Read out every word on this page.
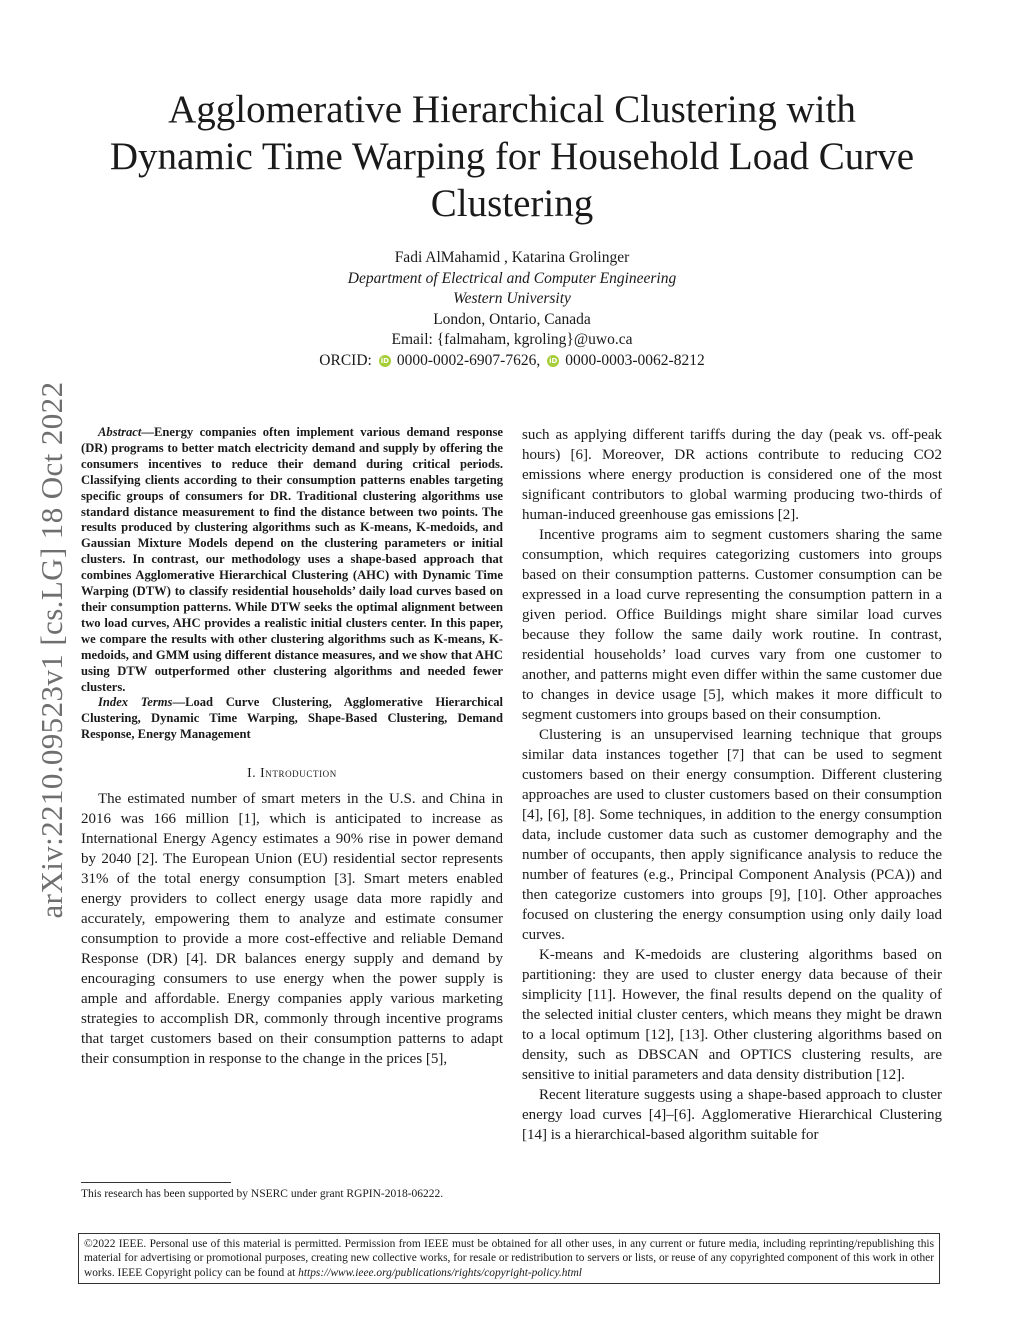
arXiv:2210.09523v1 [cs.LG] 18 Oct 2022
Agglomerative Hierarchical Clustering with
Dynamic Time Warping for Household Load Curve
Clustering
Fadi AlMahamid , Katarina Grolinger
Department of Electrical and Computer Engineering
Western University
London, Ontario, Canada
Email: {falmaham, kgroling}@uwo.ca
ORCID: iD 0000-0002-6907-7626, iD 0000-0003-0062-8212

Abstract—Energy companies often implement various demand response (DR) programs to better match electricity demand and supply by offering the consumers incentives to reduce their demand during critical periods. Classifying clients according to their consumption patterns enables targeting specific groups of consumers for DR. Traditional clustering algorithms use standard distance measurement to find the distance between two points. The results produced by clustering algorithms such as K-means, K-medoids, and Gaussian Mixture Models depend on the clustering parameters or initial clusters. In contrast, our methodology uses a shape-based approach that combines Agglomerative Hierarchical Clustering (AHC) with Dynamic Time Warping (DTW) to classify residential households’ daily load curves based on their consumption patterns. While DTW seeks the optimal alignment between two load curves, AHC provides a realistic initial clusters center. In this paper, we compare the results with other clustering algorithms such as K-means, K-medoids, and GMM using different distance measures, and we show that AHC using DTW outperformed other clustering algorithms and needed fewer clusters.

Index Terms—Load Curve Clustering, Agglomerative Hierarchical Clustering, Dynamic Time Warping, Shape-Based Clustering, Demand Response, Energy Management

I. Introduction

The estimated number of smart meters in the U.S. and China in 2016 was 166 million [1], which is anticipated to increase as International Energy Agency estimates a 90% rise in power demand by 2040 [2]. The European Union (EU) residential sector represents 31% of the total energy consumption [3]. Smart meters enabled energy providers to collect energy usage data more rapidly and accurately, empowering them to analyze and estimate consumer consumption to provide a more cost-effective and reliable Demand Response (DR) [4]. DR balances energy supply and demand by encouraging consumers to use energy when the power supply is ample and affordable. Energy companies apply various marketing strategies to accomplish DR, commonly through incentive programs that target customers based on their consumption patterns to adapt their consumption in response to the change in the prices [5],

such as applying different tariffs during the day (peak vs. off-peak hours) [6]. Moreover, DR actions contribute to reducing CO2 emissions where energy production is considered one of the most significant contributors to global warming producing two-thirds of human-induced greenhouse gas emissions [2].

Incentive programs aim to segment customers sharing the same consumption, which requires categorizing customers into groups based on their consumption patterns. Customer consumption can be expressed in a load curve representing the consumption pattern in a given period. Office Buildings might share similar load curves because they follow the same daily work routine. In contrast, residential households’ load curves vary from one customer to another, and patterns might even differ within the same customer due to changes in device usage [5], which makes it more difficult to segment customers into groups based on their consumption.

Clustering is an unsupervised learning technique that groups similar data instances together [7] that can be used to segment customers based on their energy consumption. Different clustering approaches are used to cluster customers based on their consumption [4], [6], [8]. Some techniques, in addition to the energy consumption data, include customer data such as customer demography and the number of occupants, then apply significance analysis to reduce the number of features (e.g., Principal Component Analysis (PCA)) and then categorize customers into groups [9], [10]. Other approaches focused on clustering the energy consumption using only daily load curves.

K-means and K-medoids are clustering algorithms based on partitioning: they are used to cluster energy data because of their simplicity [11]. However, the final results depend on the quality of the selected initial cluster centers, which means they might be drawn to a local optimum [12], [13]. Other clustering algorithms based on density, such as DBSCAN and OPTICS clustering results, are sensitive to initial parameters and data density distribution [12].

Recent literature suggests using a shape-based approach to cluster energy load curves [4]–[6]. Agglomerative Hierarchical Clustering [14] is a hierarchical-based algorithm suitable for

This research has been supported by NSERC under grant RGPIN-2018-06222.
©2022 IEEE. Personal use of this material is permitted. Permission from IEEE must be obtained for all other uses, in any current or future media, including reprinting/republishing this material for advertising or promotional purposes, creating new collective works, for resale or redistribution to servers or lists, or reuse of any copyrighted component of this work in other works. IEEE Copyright policy can be found at https://www.ieee.org/publications/rights/copyright-policy.html
